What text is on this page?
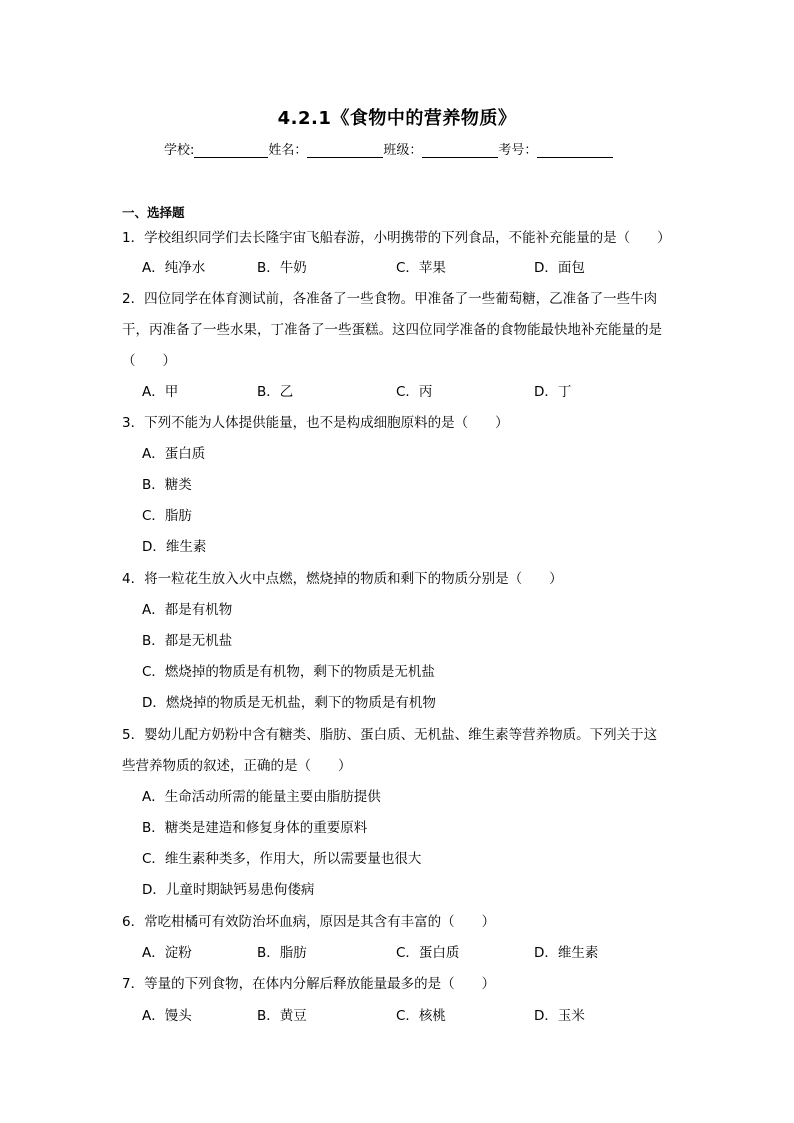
4.2.1《食物中的营养物质》
学校:	姓名：	班级：	考号：
一、选择题
1．学校组织同学们去长隆宇宙飞船春游，小明携带的下列食品，不能补充能量的是（　　）
A．纯净水	B．牛奶	C．苹果	D．面包
2．四位同学在体育测试前，各准备了一些食物。甲准备了一些葡萄糖，乙准备了一些牛肉
干，丙准备了一些水果，丁准备了一些蛋糕。这四位同学准备的食物能最快地补充能量的是
（　　）
A．甲	B．乙	C．丙	D．丁
3．下列不能为人体提供能量，也不是构成细胞原料的是（　　）
A．蛋白质
B．糖类
C．脂肪
D．维生素
4．将一粒花生放入火中点燃，燃烧掉的物质和剩下的物质分别是（　　）
A．都是有机物
B．都是无机盐
C．燃烧掉的物质是有机物，剩下的物质是无机盐
D．燃烧掉的物质是无机盐，剩下的物质是有机物
5．婴幼儿配方奶粉中含有糖类、脂肪、蛋白质、无机盐、维生素等营养物质。下列关于这
些营养物质的叙述，正确的是（　　）
A．生命活动所需的能量主要由脂肪提供
B．糖类是建造和修复身体的重要原料
C．维生素种类多，作用大，所以需要量也很大
D．儿童时期缺钙易患佝偻病
6．常吃柑橘可有效防治坏血病，原因是其含有丰富的（　　）
A．淀粉	B．脂肪	C．蛋白质	D．维生素
7．等量的下列食物，在体内分解后释放能量最多的是（　　）
A．馒头	B．黄豆	C．核桃	D．玉米
